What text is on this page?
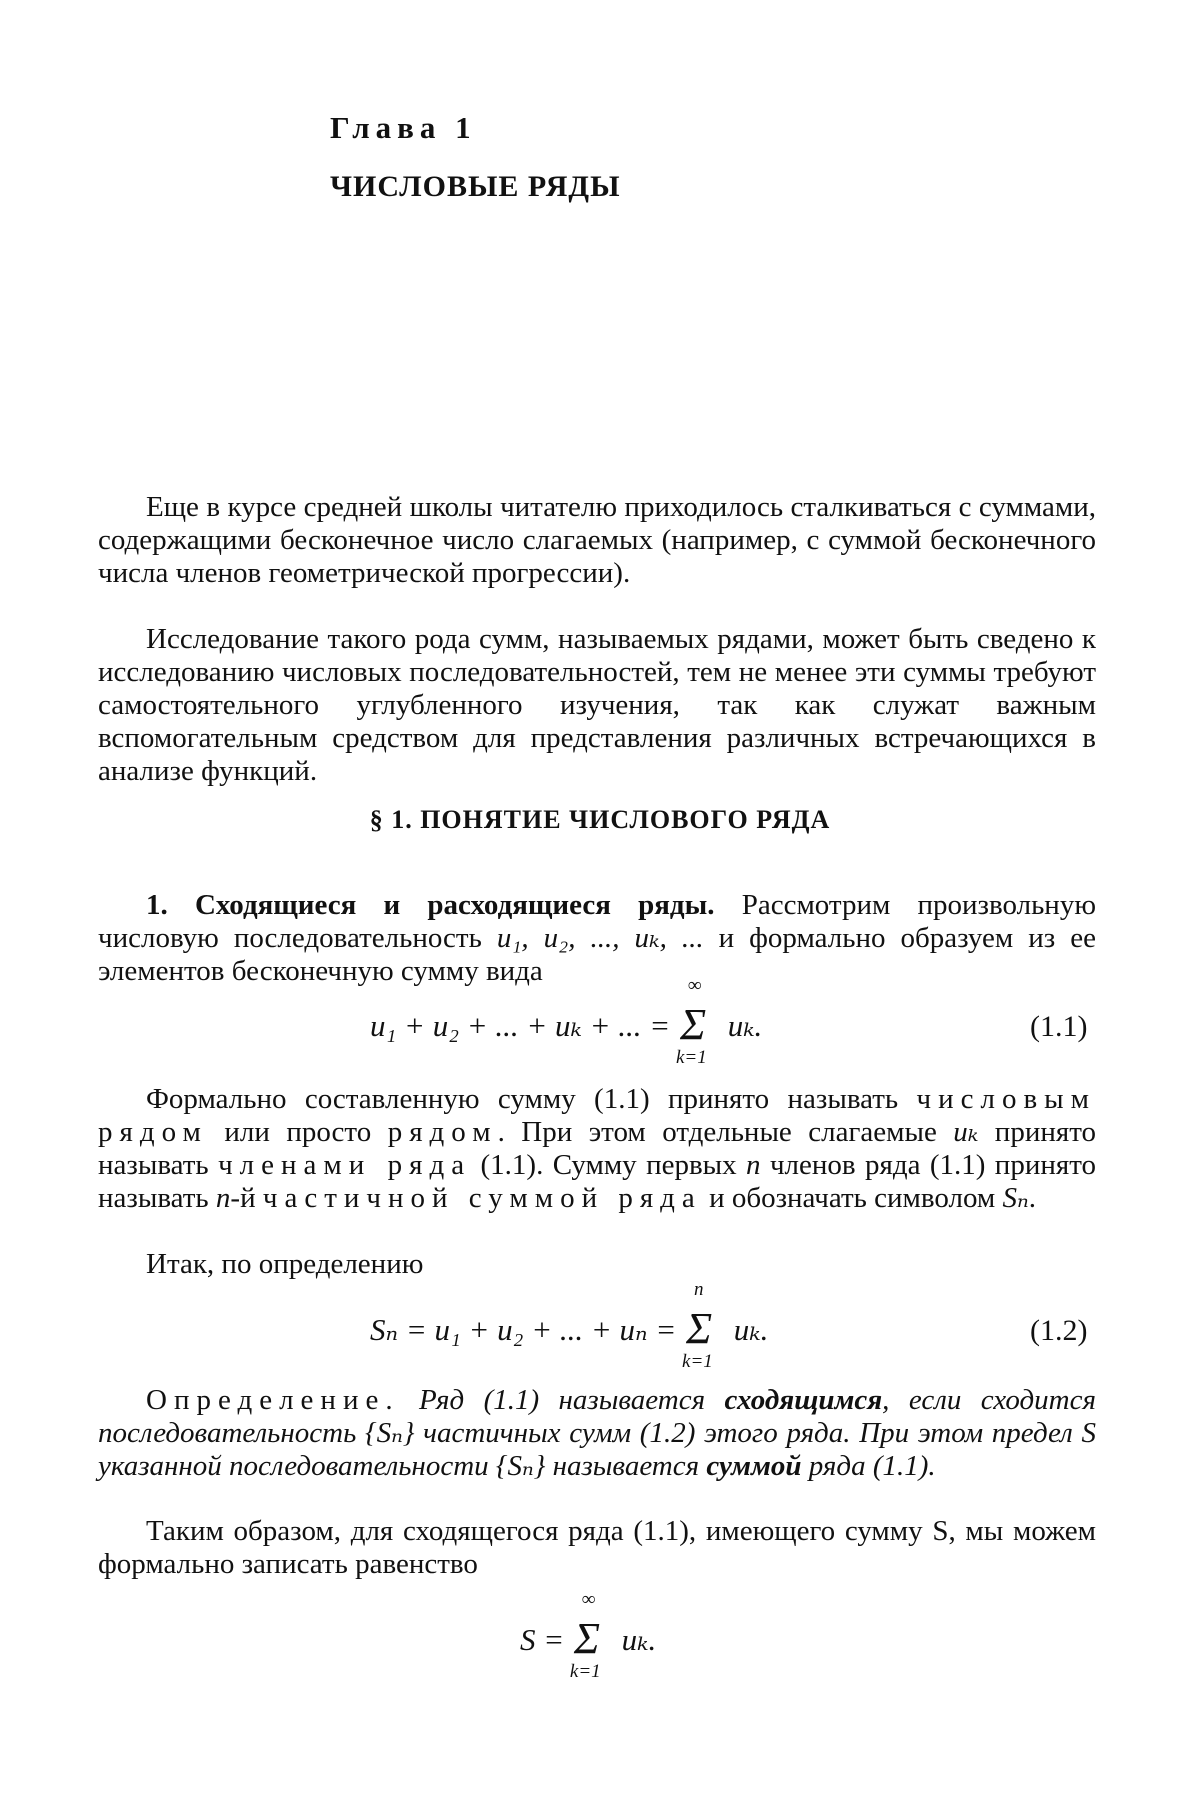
Глава 1
ЧИСЛОВЫЕ РЯДЫ
Еще в курсе средней школы читателю приходилось сталкиваться с суммами, содержащими бесконечное число слагаемых (например, с суммой бесконечного числа членов геометрической прогрессии).
Исследование такого рода сумм, называемых рядами, может быть сведено к исследованию числовых последовательностей, тем не менее эти суммы требуют самостоятельного углубленного изучения, так как служат важным вспомогательным средством для представления различных встречающихся в анализе функций.
§ 1. ПОНЯТИЕ ЧИСЛОВОГО РЯДА
1. Сходящиеся и расходящиеся ряды. Рассмотрим произвольную числовую последовательность u₁, u₂, ..., uₖ, ... и формально образуем из ее элементов бесконечную сумму вида
u₁ + u₂ + ... + uₖ + ... =
∞
Σ
k=1
uₖ.	(1.1)
Формально составленную сумму (1.1) принято называть числовым рядом или просто рядом. При этом отдельные слагаемые uₖ принято называть членами ряда (1.1). Сумму первых n членов ряда (1.1) принято называть n-й частичной суммой ряда и обозначать символом Sₙ.
Итак, по определению
Sₙ = u₁ + u₂ + ... + uₙ =
n
Σ
k=1
uₖ.	(1.2)
Определение. Ряд (1.1) называется сходящимся, если сходится последовательность {Sₙ} частичных сумм (1.2) этого ряда. При этом предел S указанной последовательности {Sₙ} называется суммой ряда (1.1).
Таким образом, для сходящегося ряда (1.1), имеющего сумму S, мы можем формально записать равенство
S =
∞
Σ
k=1
uₖ.
